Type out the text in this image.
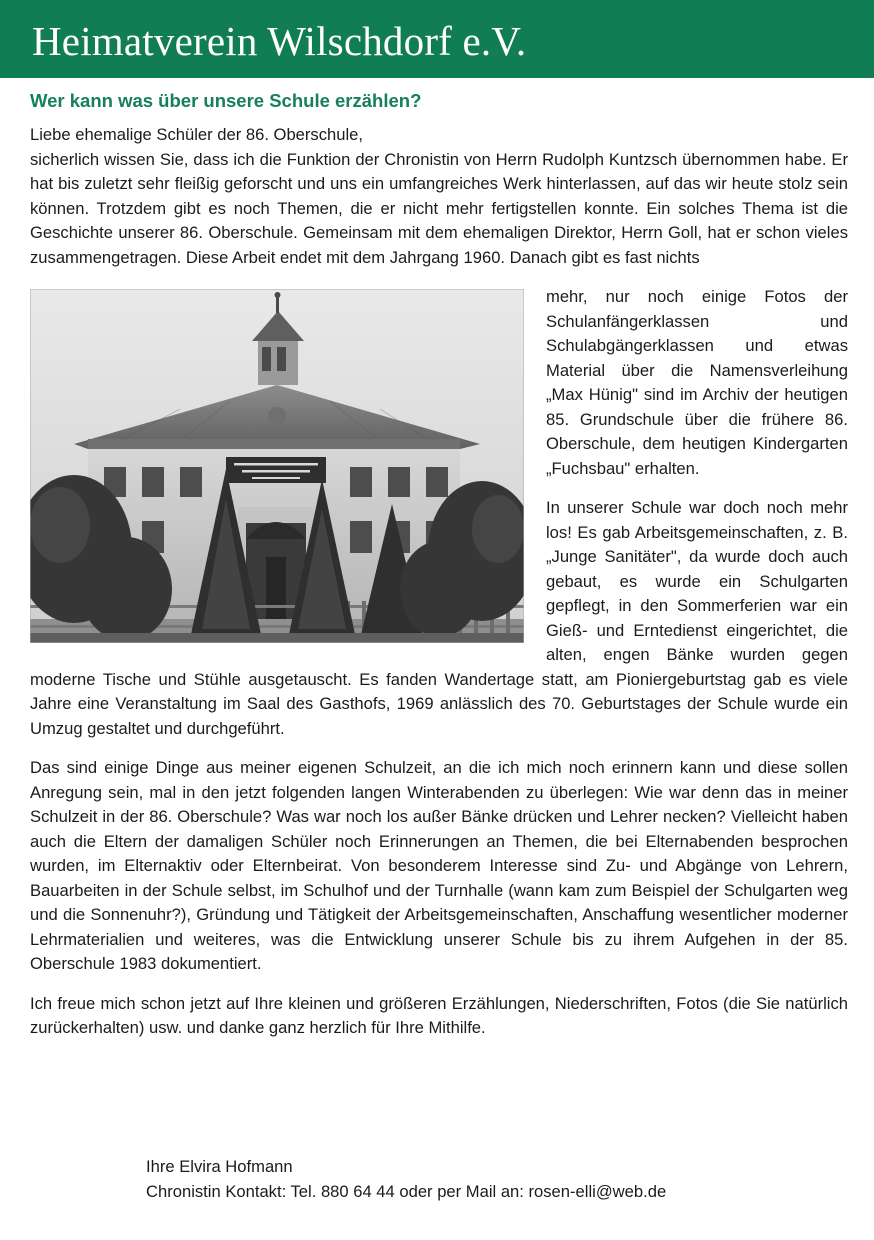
Heimatverein Wilschdorf e.V.
Wer kann was über unsere Schule erzählen?

Liebe ehemalige Schüler der 86. Oberschule,
sicherlich wissen Sie, dass ich die Funktion der Chronistin von Herrn Rudolph Kuntzsch übernommen habe. Er hat bis zuletzt sehr fleißig geforscht und uns ein umfangreiches Werk hinterlassen, auf das wir heute stolz sein können. Trotzdem gibt es noch Themen, die er nicht mehr fertigstellen konnte. Ein solches Thema ist die Geschichte unserer 86. Oberschule. Gemeinsam mit dem ehemaligen Direktor, Herrn Goll, hat er schon vieles zusammengetragen. Diese Arbeit endet mit dem Jahrgang 1960. Danach gibt es fast nichts

mehr, nur noch einige Fotos der Schulanfängerklassen und Schulabgängerklassen und etwas Material über die Namensverleihung „Max Hünig" sind im Archiv der heutigen 85. Grundschule über die frühere 86. Oberschule, dem heutigen Kindergarten „Fuchsbau" erhalten.

In unserer Schule war doch noch mehr los! Es gab Arbeitsgemeinschaften, z. B. „Junge Sanitäter", da wurde doch auch gebaut, es wurde ein Schulgarten gepflegt, in den Sommerferien war ein Gieß- und Erntedienst eingerichtet, die alten, engen Bänke wurden gegen moderne Tische und Stühle ausgetauscht. Es fanden Wandertage statt, am Pioniergeburtstag gab es viele Jahre eine Veranstaltung im Saal des Gasthofs, 1969 anlässlich des 70. Geburtstages der Schule wurde ein Umzug gestaltet und durchgeführt.

Das sind einige Dinge aus meiner eigenen Schulzeit, an die ich mich noch erinnern kann und diese sollen Anregung sein, mal in den jetzt folgenden langen Winterabenden zu überlegen: Wie war denn das in meiner Schulzeit in der 86. Oberschule? Was war noch los außer Bänke drücken und Lehrer necken? Vielleicht haben auch die Eltern der damaligen Schüler noch Erinnerungen an Themen, die bei Elternabenden besprochen wurden, im Elternaktiv oder Elternbeirat. Von besonderem Interesse sind Zu- und Abgänge von Lehrern, Bauarbeiten in der Schule selbst, im Schulhof und der Turnhalle (wann kam zum Beispiel der Schulgarten weg und die Sonnenuhr?), Gründung und Tätigkeit der Arbeitsgemeinschaften, Anschaffung wesentlicher moderner Lehrmaterialien und weiteres, was die Entwicklung unserer Schule bis zu ihrem Aufgehen in der 85. Oberschule 1983 dokumentiert.

Ich freue mich schon jetzt auf Ihre kleinen und größeren Erzählungen, Niederschriften, Fotos (die Sie natürlich zurückerhalten) usw. und danke ganz herzlich für Ihre Mithilfe.

Ihre Elvira Hofmann
Chronistin Kontakt: Tel. 880 64 44 oder per Mail an: rosen-elli@web.de
